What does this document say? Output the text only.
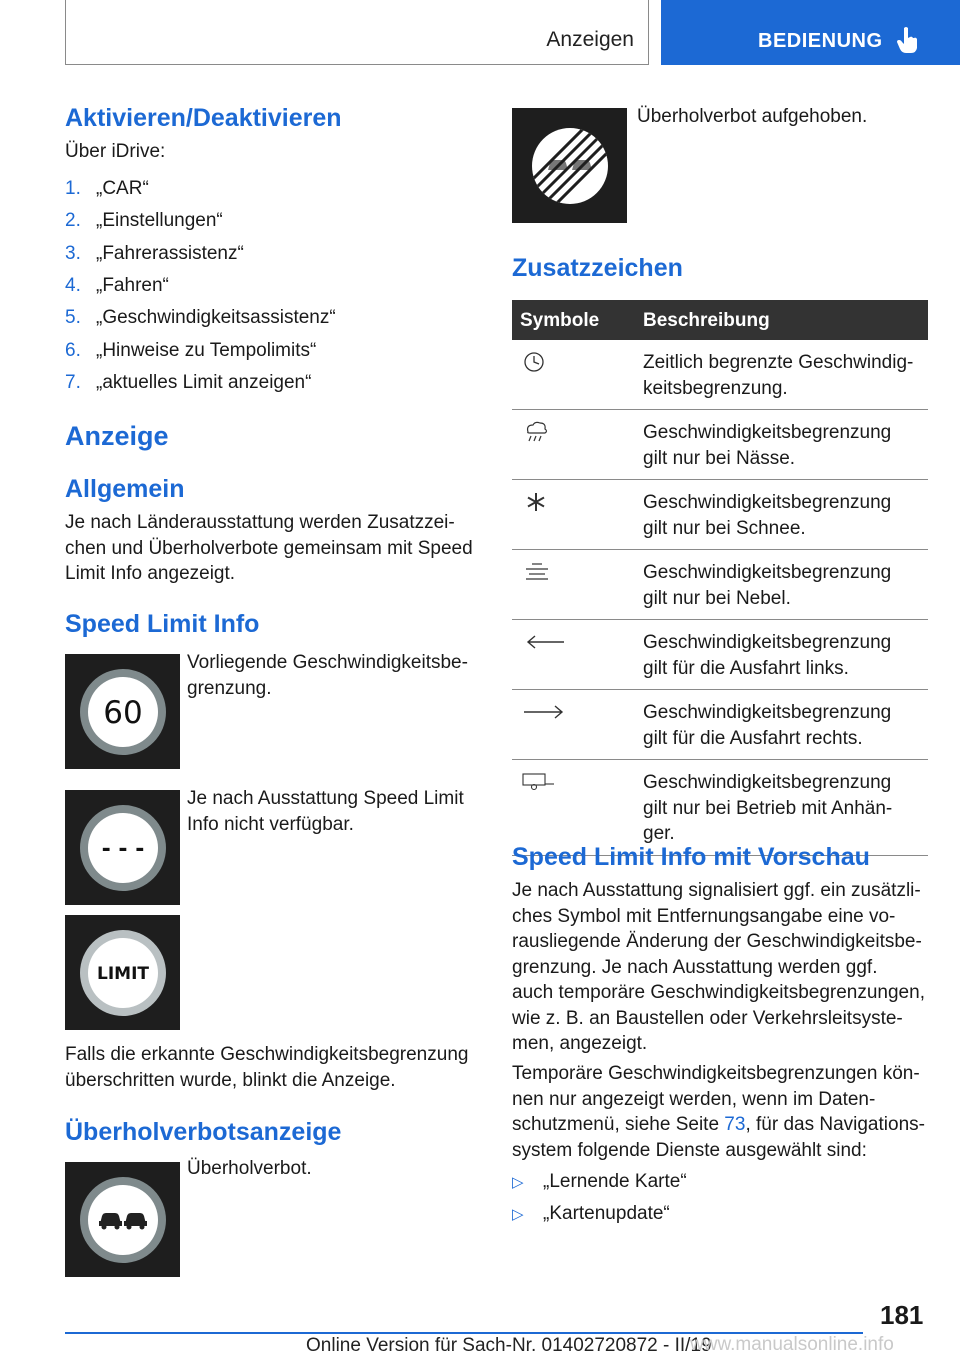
Anzeigen	BEDIENUNG
Aktivieren/Deaktivieren
Über iDrive:
1. „CAR“
2. „Einstellungen“
3. „Fahrerassistenz“
4. „Fahren“
5. „Geschwindigkeitsassistenz“
6. „Hinweise zu Tempolimits“
7. „aktuelles Limit anzeigen“
Anzeige
Allgemein
Je nach Länderausstattung werden Zusatzzei-
chen und Überholverbote gemeinsam mit Speed
Limit Info angezeigt.
Speed Limit Info
60
Vorliegende Geschwindigkeitsbe-
grenzung.
- - -
Je nach Ausstattung Speed Limit
Info nicht verfügbar.
LIMIT
Falls die erkannte Geschwindigkeitsbegrenzung
überschritten wurde, blinkt die Anzeige.
Überholverbotsanzeige
Überholverbot.
Überholverbot aufgehoben.
Zusatzzeichen
Symbole Beschreibung
Zeitlich begrenzte Geschwindig-
keitsbegrenzung.
Geschwindigkeitsbegrenzung
gilt nur bei Nässe.
Geschwindigkeitsbegrenzung
gilt nur bei Schnee.
Geschwindigkeitsbegrenzung
gilt nur bei Nebel.
Geschwindigkeitsbegrenzung
gilt für die Ausfahrt links.
Geschwindigkeitsbegrenzung
gilt für die Ausfahrt rechts.
Geschwindigkeitsbegrenzung
gilt nur bei Betrieb mit Anhän-
ger.
Speed Limit Info mit Vorschau
Je nach Ausstattung signalisiert ggf. ein zusätzli-
ches Symbol mit Entfernungsangabe eine vo-
rausliegende Änderung der Geschwindigkeitsbe-
grenzung. Je nach Ausstattung werden ggf.
auch temporäre Geschwindigkeitsbegrenzungen,
wie z. B. an Baustellen oder Verkehrsleitsyste-
men, angezeigt.
Temporäre Geschwindigkeitsbegrenzungen kön-
nen nur angezeigt werden, wenn im Daten-
schutzmenü, siehe Seite 73, für das Navigations-
system folgende Dienste ausgewählt sind:
▷ „Lernende Karte“
▷ „Kartenupdate“
181
Online Version für Sach-Nr. 01402720872 - II/19
www.manualsonline.info
